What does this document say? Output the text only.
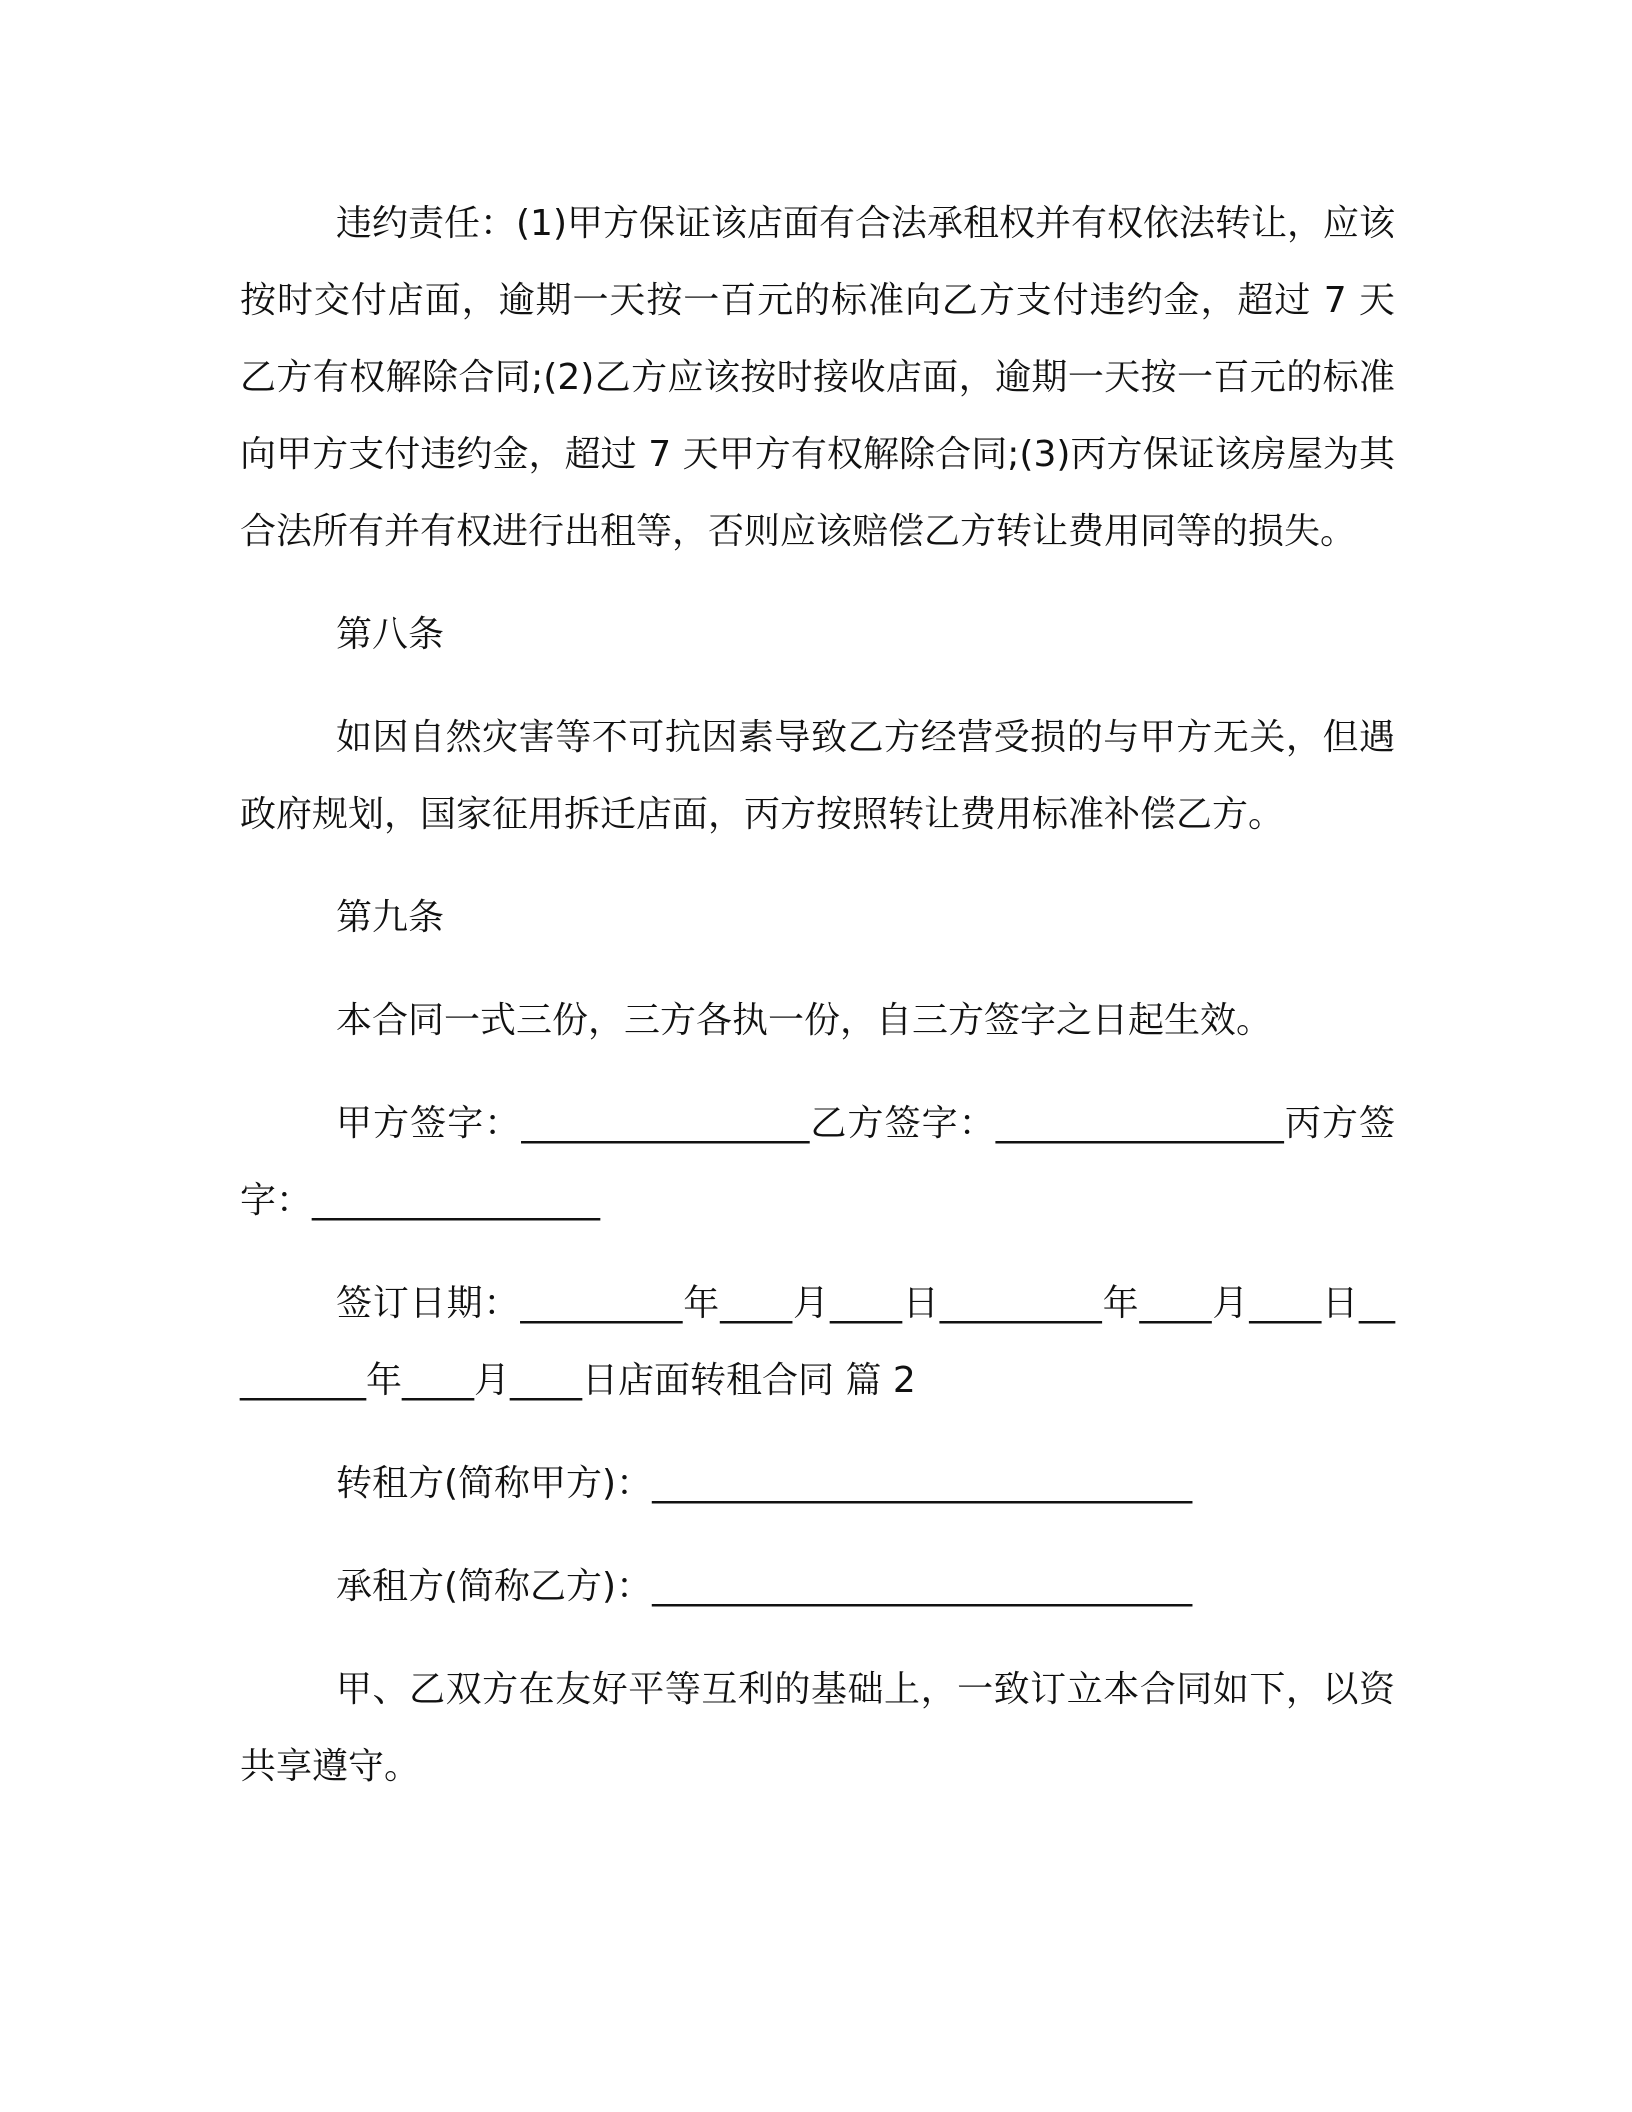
违约责任：(1)甲方保证该店面有合法承租权并有权依法转让，应该按时交付店面，逾期一天按一百元的标准向乙方支付违约金，超过 7 天乙方有权解除合同;(2)乙方应该按时接收店面，逾期一天按一百元的标准向甲方支付违约金，超过 7 天甲方有权解除合同;(3)丙方保证该房屋为其合法所有并有权进行出租等，否则应该赔偿乙方转让费用同等的损失。

第八条

如因自然灾害等不可抗因素导致乙方经营受损的与甲方无关，但遇政府规划，国家征用拆迁店面，丙方按照转让费用标准补偿乙方。

第九条

本合同一式三份，三方各执一份，自三方签字之日起生效。

甲方签字：________________乙方签字：________________丙方签字：________________

签订日期：_________年____月____日_________年____月____日_________年____月____日店面转租合同 篇 2

转租方(简称甲方)：______________________________

承租方(简称乙方)：______________________________

甲、乙双方在友好平等互利的基础上，一致订立本合同如下，以资共享遵守。
